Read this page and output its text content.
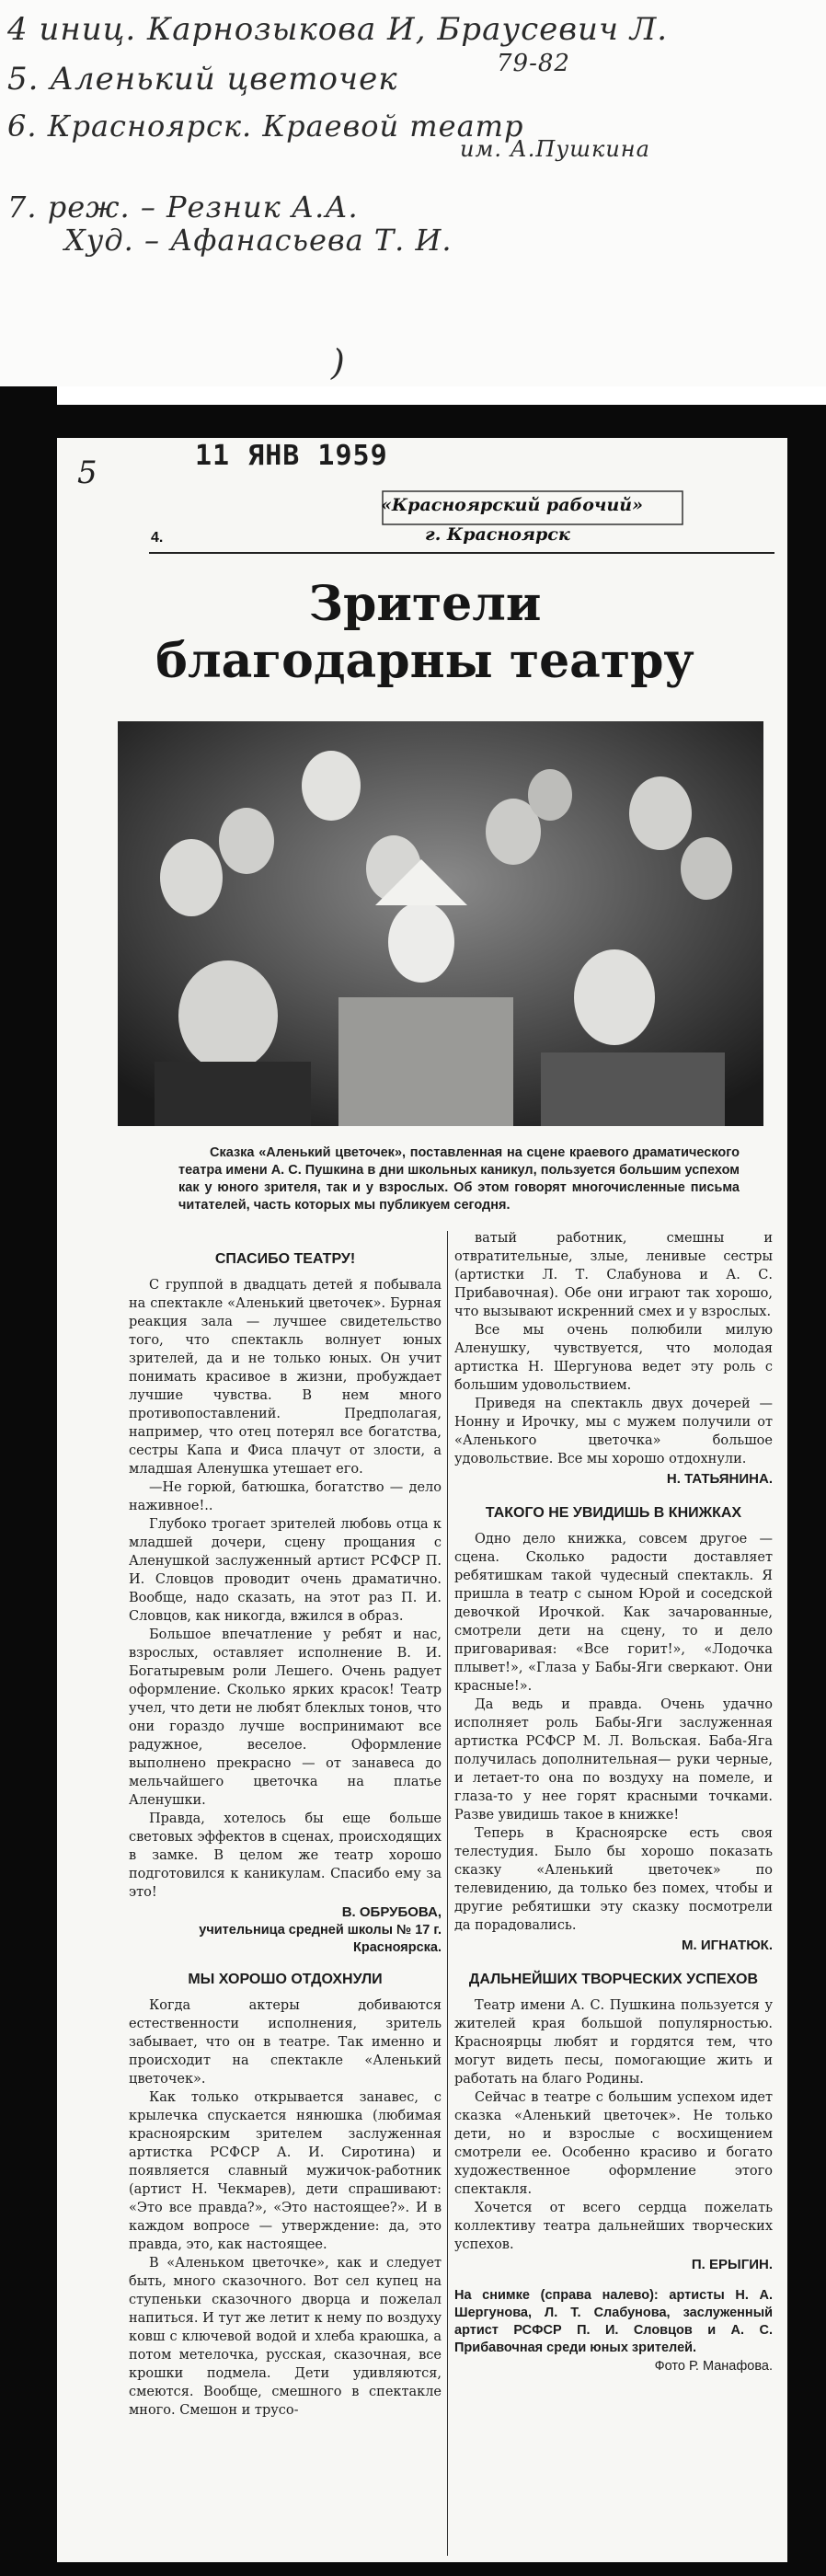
4 иниц. Карнозыкова И, Браусевич Л.
79-82
5. Аленький цветочек
6. Красноярск. Краевой театр
им. А.Пушкина
7. реж. – Резник А.А.
Худ. – Афанасьева Т. И.
)
11 ЯНВ 1959
5
«Красноярский рабочий»
г. Красноярск
4.
Зрители благодарны театру
Сказка «Аленький цветочек», поставленная на сцене краевого драматического театра имени А. С. Пушкина в дни школьных каникул, пользуется большим успехом как у юного зрителя, так и у взрослых. Об этом говорят многочисленные письма читателей, часть которых мы публикуем сегодня.
СПАСИБО ТЕАТРУ!

С группой в двадцать детей я побывала на спектакле «Аленький цветочек». Бурная реакция зала — лучшее свидетельство того, что спектакль волнует юных зрителей, да и не только юных. Он учит понимать красивое в жизни, пробуждает лучшие чувства. В нем много противопоставлений. Предполагая, например, что отец потерял все богатства, сестры Капа и Фиса плачут от злости, а младшая Аленушка утешает его.

—Не горюй, батюшка, богатство — дело наживное!..

Глубоко трогает зрителей любовь отца к младшей дочери, сцену прощания с Аленушкой заслуженный артист РСФСР П. И. Словцов проводит очень драматично. Вообще, надо сказать, на этот раз П. И. Словцов, как никогда, вжился в образ.

Большое впечатление у ребят и нас, взрослых, оставляет исполнение В. И. Богатыревым роли Лешего. Очень радует оформление. Сколько ярких красок! Театр учел, что дети не любят блеклых тонов, что они гораздо лучше воспринимают все радужное, веселое. Оформление выполнено прекрасно — от занавеса до мельчайшего цветочка на платье Аленушки.

Правда, хотелось бы еще больше световых эффектов в сценах, происходящих в замке. В целом же театр хорошо подготовился к каникулам. Спасибо ему за это!

В. ОБРУБОВА,
учительница средней школы № 17 г. Красноярска.
МЫ ХОРОШО ОТДОХНУЛИ

Когда актеры добиваются естественности исполнения, зритель забывает, что он в театре. Так именно и происходит на спектакле «Аленький цветочек».

Как только открывается занавес, с крылечка спускается нянюшка (любимая красноярским зрителем заслуженная артистка РСФСР А. И. Сиротина) и появляется славный мужичок-работник (артист Н. Чекмарев), дети спрашивают: «Это все правда?», «Это настоящее?». И в каждом вопросе — утверждение: да, это правда, это, как настоящее.

В «Аленьком цветочке», как и следует быть, много сказочного. Вот сел купец на ступеньки сказочного дворца и пожелал напиться. И тут же летит к нему по воздуху ковш с ключевой водой и хлеба краюшка, а потом метелочка, русская, сказочная, все крошки подмела. Дети удивляются, смеются. Вообще, смешного в спектакле много. Смешон и трусо-

ватый работник, смешны и отвратительные, злые, ленивые сестры (артистки Л. Т. Слабунова и А. С. Прибавочная). Обе они играют так хорошо, что вызывают искренний смех и у взрослых.

Все мы очень полюбили милую Аленушку, чувствуется, что молодая артистка Н. Шергунова ведет эту роль с большим удовольствием.

Приведя на спектакль двух дочерей — Нонну и Ирочку, мы с мужем получили от «Аленького цветочка» большое удовольствие. Все мы хорошо отдохнули.

Н. ТАТЬЯНИНА.
ТАКОГО НЕ УВИДИШЬ В КНИЖКАХ

Одно дело книжка, совсем другое — сцена. Сколько радости доставляет ребятишкам такой чудесный спектакль. Я пришла в театр с сыном Юрой и соседской девочкой Ирочкой. Как зачарованные, смотрели дети на сцену, то и дело приговаривая: «Все горит!», «Лодочка плывет!», «Глаза у Бабы-Яги сверкают. Они красные!».

Да ведь и правда. Очень удачно исполняет роль Бабы-Яги заслуженная артистка РСФСР М. Л. Вольская. Баба-Яга получилась дополнительная— руки черные, и летает-то она по воздуху на помеле, и глаза-то у нее горят красными точками. Разве увидишь такое в книжке!

Теперь в Красноярске есть своя телестудия. Было бы хорошо показать сказку «Аленький цветочек» по телевидению, да только без помех, чтобы и другие ребятишки эту сказку посмотрели да порадовались.

М. ИГНАТЮК.
ДАЛЬНЕЙШИХ ТВОРЧЕСКИХ УСПЕХОВ

Театр имени А. С. Пушкина пользуется у жителей края большой популярностью. Красноярцы любят и гордятся тем, что могут видеть песы, помогающие жить и работать на благо Родины.

Сейчас в театре с большим успехом идет сказка «Аленький цветочек». Не только дети, но и взрослые с восхищением смотрели ее. Особенно красиво и богато художественное оформление этого спектакля.

Хочется от всего сердца пожелать коллективу театра дальнейших творческих успехов.

П. ЕРЫГИН.

На снимке (справа налево): артисты Н. А. Шергунова, Л. Т. Слабунова, заслуженный артист РСФСР П. И. Словцов и А. С. Прибавочная среди юных зрителей.

Фото Р. Манафова.
